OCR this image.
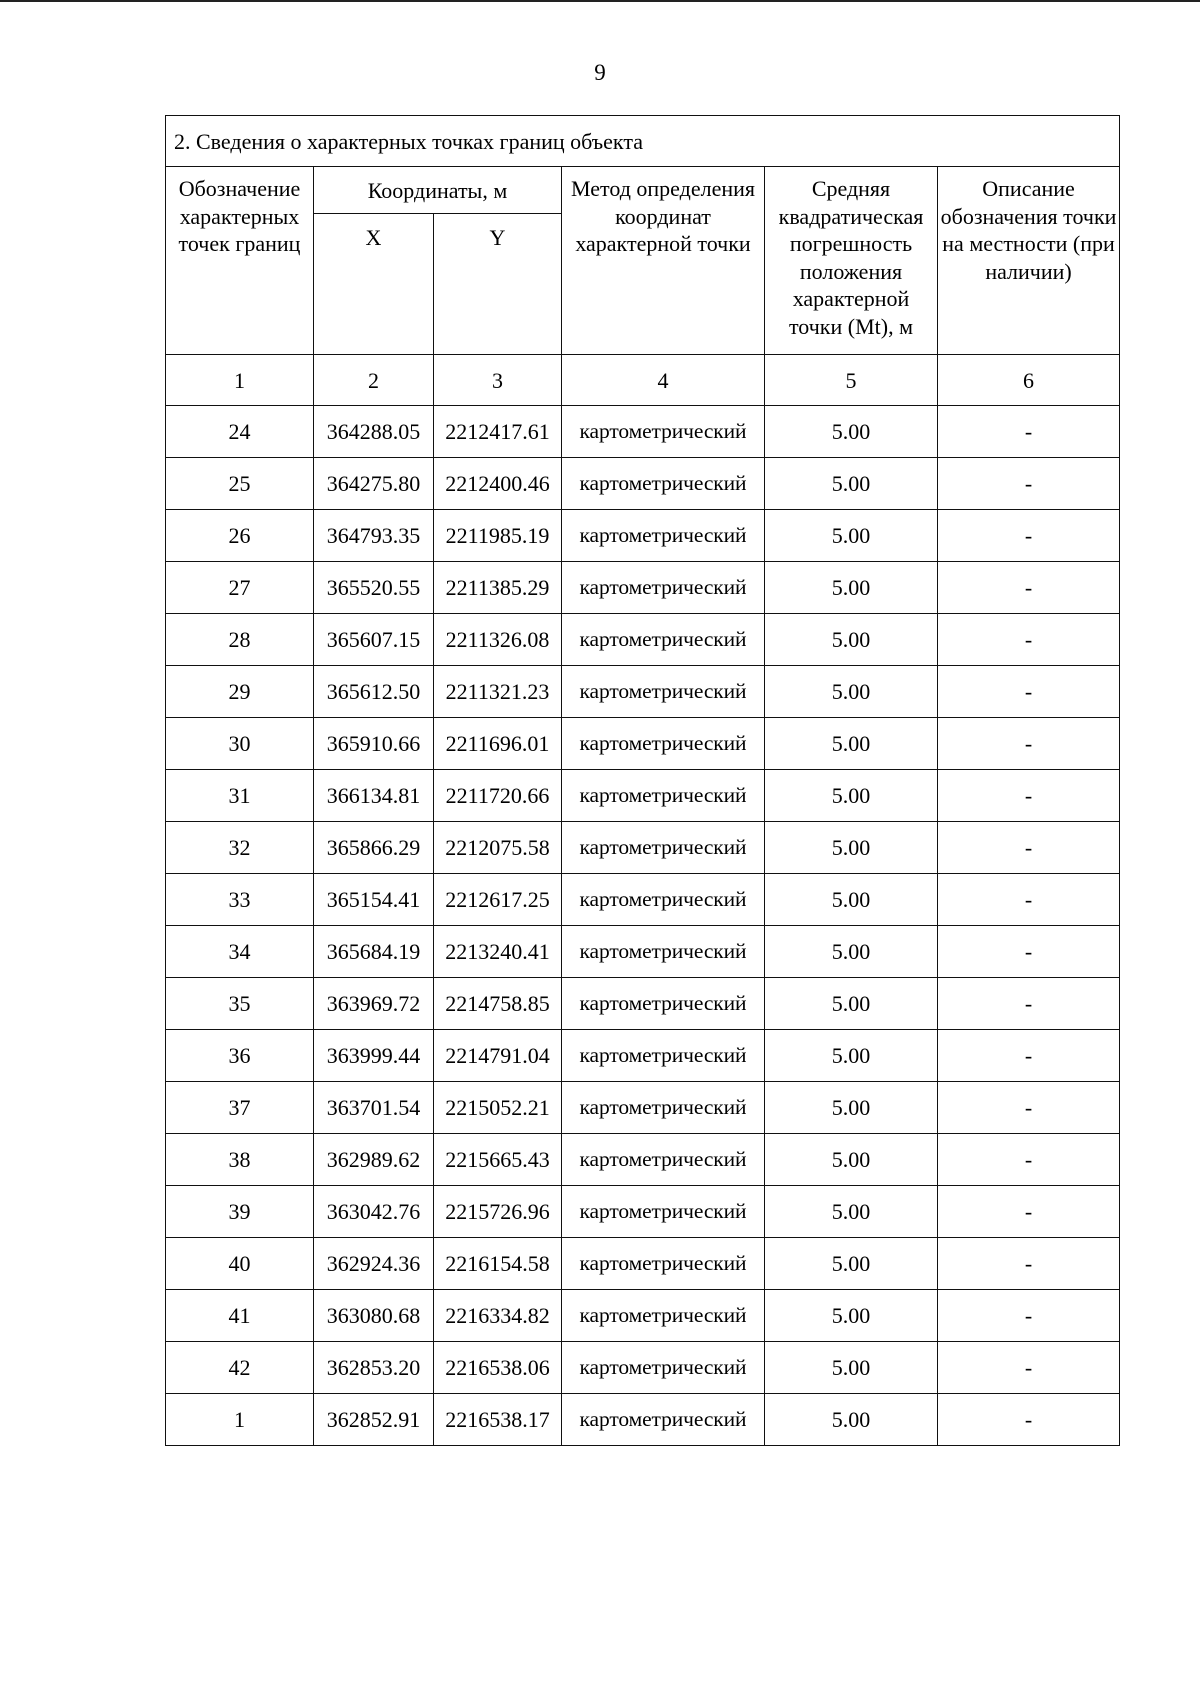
9
2. Сведения о характерных точках границ объекта					
Обозначение характерных точек границ	Координаты, м		Метод определения координат характерной точки	Средняя квадратическая погрешность положения характерной точки (Mt), м	Описание обозначения точки на местности (при наличии)
	X	Y			
1	2	3	4	5	6
24	364288.05	2212417.61	картометрический	5.00	-
25	364275.80	2212400.46	картометрический	5.00	-
26	364793.35	2211985.19	картометрический	5.00	-
27	365520.55	2211385.29	картометрический	5.00	-
28	365607.15	2211326.08	картометрический	5.00	-
29	365612.50	2211321.23	картометрический	5.00	-
30	365910.66	2211696.01	картометрический	5.00	-
31	366134.81	2211720.66	картометрический	5.00	-
32	365866.29	2212075.58	картометрический	5.00	-
33	365154.41	2212617.25	картометрический	5.00	-
34	365684.19	2213240.41	картометрический	5.00	-
35	363969.72	2214758.85	картометрический	5.00	-
36	363999.44	2214791.04	картометрический	5.00	-
37	363701.54	2215052.21	картометрический	5.00	-
38	362989.62	2215665.43	картометрический	5.00	-
39	363042.76	2215726.96	картометрический	5.00	-
40	362924.36	2216154.58	картометрический	5.00	-
41	363080.68	2216334.82	картометрический	5.00	-
42	362853.20	2216538.06	картометрический	5.00	-
1	362852.91	2216538.17	картометрический	5.00	-
